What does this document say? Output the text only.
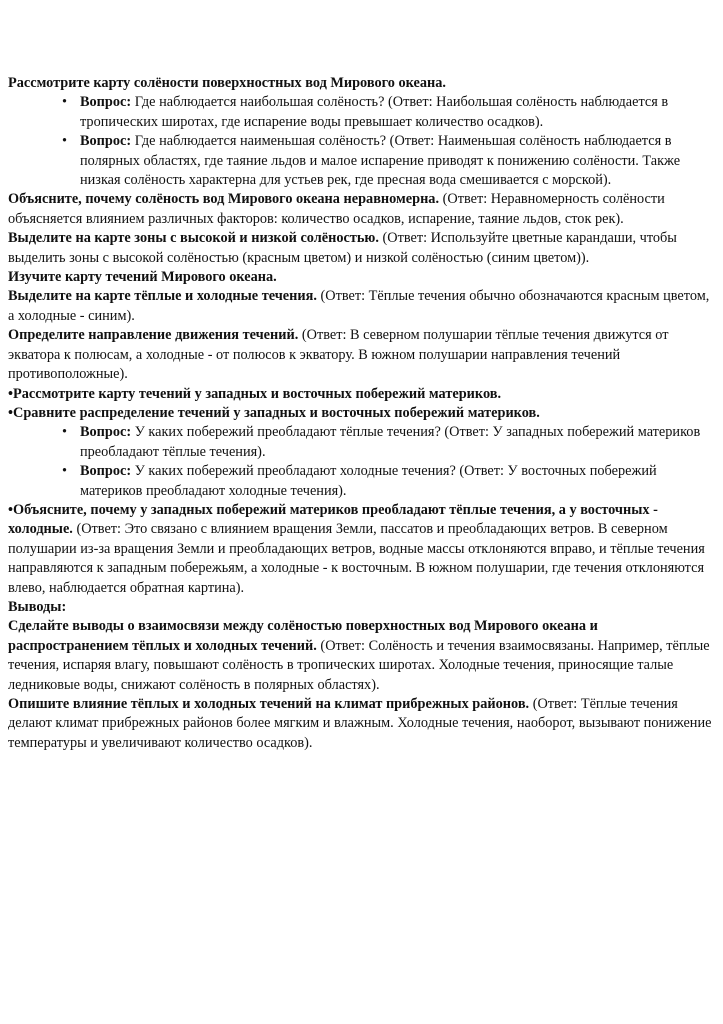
Рассмотрите карту солёности поверхностных вод Мирового океана.

• Вопрос: Где наблюдается наибольшая солёность? (Ответ: Наибольшая солёность наблюдается в тропических широтах, где испарение воды превышает количество осадков).
• Вопрос: Где наблюдается наименьшая солёность? (Ответ: Наименьшая солёность наблюдается в полярных областях, где таяние льдов и малое испарение приводят к понижению солёности. Также низкая солёность характерна для устьев рек, где пресная вода смешивается с морской).

Объясните, почему солёность вод Мирового океана неравномерна. (Ответ: Неравномерность солёности объясняется влиянием различных факторов: количество осадков, испарение, таяние льдов, сток рек).

Выделите на карте зоны с высокой и низкой солёностью. (Ответ: Используйте цветные карандаши, чтобы выделить зоны с высокой солёностью (красным цветом) и низкой солёностью (синим цветом)).

Изучите карту течений Мирового океана.

Выделите на карте тёплые и холодные течения. (Ответ: Тёплые течения обычно обозначаются красным цветом, а холодные - синим).

Определите направление движения течений. (Ответ: В северном полушарии тёплые течения движутся от экватора к полюсам, а холодные - от полюсов к экватору. В южном полушарии направления течений противоположные).

•Рассмотрите карту течений у западных и восточных побережий материков.

•Сравните распределение течений у западных и восточных побережий материков.

• Вопрос: У каких побережий преобладают тёплые течения? (Ответ: У западных побережий материков преобладают тёплые течения).
• Вопрос: У каких побережий преобладают холодные течения? (Ответ: У восточных побережий материков преобладают холодные течения).

•Объясните, почему у западных побережий материков преобладают тёплые течения, а у восточных - холодные. (Ответ: Это связано с влиянием вращения Земли, пассатов и преобладающих ветров. В северном полушарии из-за вращения Земли и преобладающих ветров, водные массы отклоняются вправо, и тёплые течения направляются к западным побережьям, а холодные - к восточным. В южном полушарии, где течения отклоняются влево, наблюдается обратная картина).

Выводы:

Сделайте выводы о взаимосвязи между солёностью поверхностных вод Мирового океана и распространением тёплых и холодных течений. (Ответ: Солёность и течения взаимосвязаны. Например, тёплые течения, испаряя влагу, повышают солёность в тропических широтах. Холодные течения, приносящие талые ледниковые воды, снижают солёность в полярных областях).

Опишите влияние тёплых и холодных течений на климат прибрежных районов. (Ответ: Тёплые течения делают климат прибрежных районов более мягким и влажным. Холодные течения, наоборот, вызывают понижение температуры и увеличивают количество осадков).
